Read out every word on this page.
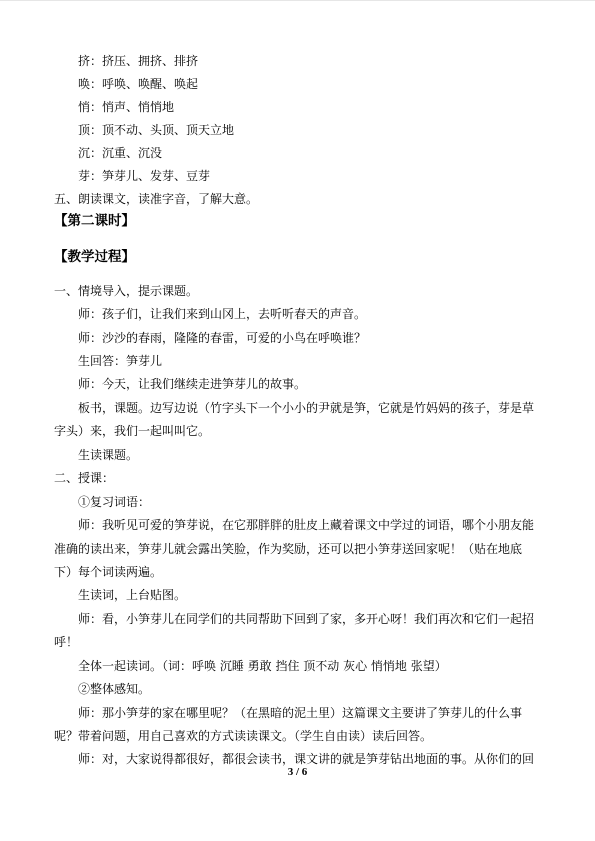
挤：挤压、拥挤、排挤
唤：呼唤、唤醒、唤起
悄：悄声、悄悄地
顶：顶不动、头顶、顶天立地
沉：沉重、沉没
芽：笋芽儿、发芽、豆芽
五、朗读课文，读准字音，了解大意。
【第二课时】
【教学过程】
一、情境导入，提示课题。
师：孩子们，让我们来到山冈上，去听听春天的声音。
师：沙沙的春雨，隆隆的春雷，可爱的小鸟在呼唤谁？
生回答：笋芽儿
师：今天，让我们继续走进笋芽儿的故事。
板书，课题。边写边说（竹字头下一个小小的尹就是笋，它就是竹妈妈的孩子，芽是草
字头）来，我们一起叫叫它。
生读课题。
二、授课：
①复习词语：
师：我听见可爱的笋芽说，在它那胖胖的肚皮上藏着课文中学过的词语，哪个小朋友能
准确的读出来，笋芽儿就会露出笑脸，作为奖励，还可以把小笋芽送回家呢！（贴在地底
下）每个词读两遍。
生读词，上台贴图。
师：看，小笋芽儿在同学们的共同帮助下回到了家，多开心呀！我们再次和它们一起招
呼！
全体一起读词。（词：呼唤 沉睡 勇敢 挡住 顶不动 灰心 悄悄地 张望）
②整体感知。
师：那小笋芽的家在哪里呢？（在黑暗的泥土里）这篇课文主要讲了笋芽儿的什么事
呢？带着问题，用自己喜欢的方式读读课文。（学生自由读）读后回答。
师：对，大家说得都很好，都很会读书，课文讲的就是笋芽钻出地面的事。从你们的回
3 / 6
